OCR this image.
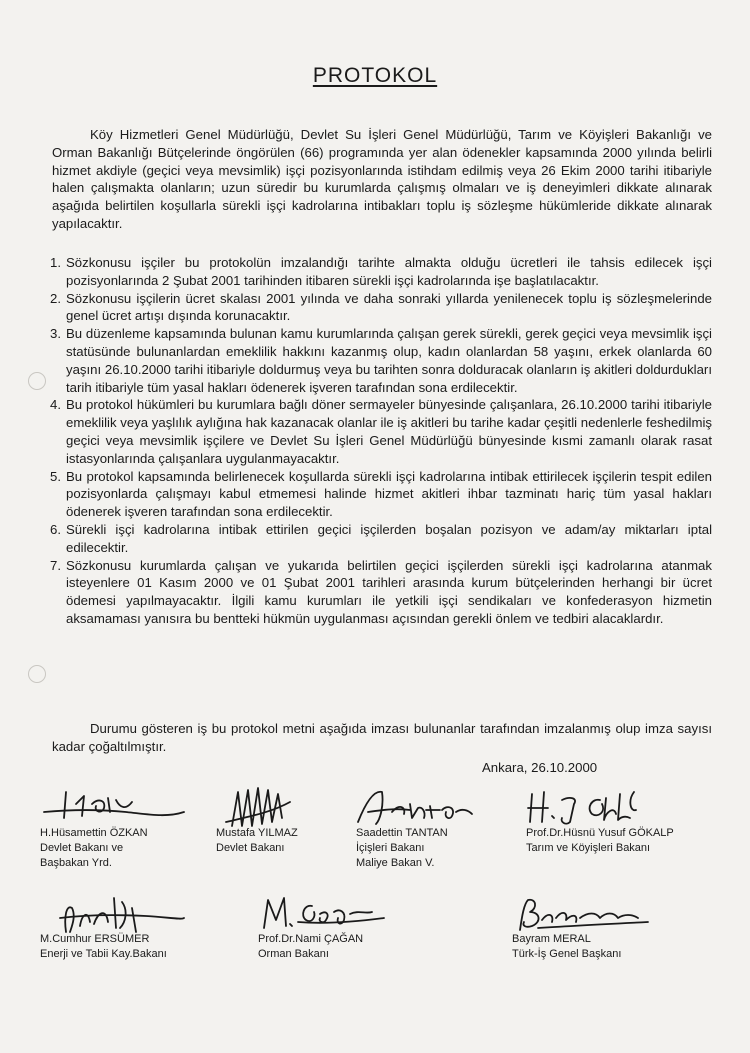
PROTOKOL

Köy Hizmetleri Genel Müdürlüğü, Devlet Su İşleri Genel Müdürlüğü, Tarım ve Köyişleri Bakanlığı ve Orman Bakanlığı Bütçelerinde öngörülen (66) programında yer alan ödenekler kapsamında 2000 yılında belirli hizmet akdiyle (geçici veya mevsimlik) işçi pozisyonlarında istihdam edilmiş veya 26 Ekim 2000 tarihi itibariyle halen çalışmakta olanların; uzun süredir bu kurumlarda çalışmış olmaları ve iş deneyimleri dikkate alınarak aşağıda belirtilen koşullarla sürekli işçi kadrolarına intibakları toplu iş sözleşme hükümleride dikkate alınarak yapılacaktır.

1. Sözkonusu işçiler bu protokolün imzalandığı tarihte almakta olduğu ücretleri ile tahsis edilecek işçi pozisyonlarında 2 Şubat 2001 tarihinden itibaren sürekli işçi kadrolarında işe başlatılacaktır.
2. Sözkonusu işçilerin ücret skalası 2001 yılında ve daha sonraki yıllarda yenilenecek toplu iş sözleşmelerinde genel ücret artışı dışında korunacaktır.
3. Bu düzenleme kapsamında bulunan kamu kurumlarında çalışan gerek sürekli, gerek geçici veya mevsimlik işçi statüsünde bulunanlardan emeklilik hakkını kazanmış olup, kadın olanlardan 58 yaşını, erkek olanlarda 60 yaşını 26.10.2000 tarihi itibariyle doldurmuş veya bu tarihten sonra dolduracak olanların iş akitleri doldurdukları tarih itibariyle tüm yasal hakları ödenerek işveren tarafından sona erdilecektir.
4. Bu protokol hükümleri bu kurumlara bağlı döner sermayeler bünyesinde çalışanlara, 26.10.2000 tarihi itibariyle emeklilik veya yaşlılık aylığına hak kazanacak olanlar ile iş akitleri bu tarihe kadar çeşitli nedenlerle feshedilmiş geçici veya mevsimlik işçilere ve Devlet Su İşleri Genel Müdürlüğü bünyesinde kısmi zamanlı olarak rasat istasyonlarında çalışanlara uygulanmayacaktır.
5. Bu protokol kapsamında belirlenecek koşullarda sürekli işçi kadrolarına intibak ettirilecek işçilerin tespit edilen pozisyonlarda çalışmayı kabul etmemesi halinde hizmet akitleri ihbar tazminatı hariç tüm yasal hakları ödenerek işveren tarafından sona erdilecektir.
6. Sürekli işçi kadrolarına intibak ettirilen geçici işçilerden boşalan pozisyon ve adam/ay miktarları iptal edilecektir.
7. Sözkonusu kurumlarda çalışan ve yukarıda belirtilen geçici işçilerden sürekli işçi kadrolarına atanmak isteyenlere 01 Kasım 2000 ve 01 Şubat 2001 tarihleri arasında kurum bütçelerinden herhangi bir ücret ödemesi yapılmayacaktır. İlgili kamu kurumları ile yetkili işçi sendikaları ve konfederasyon hizmetin aksamaması yanısıra bu bentteki hükmün uygulanması açısından gerekli önlem ve tedbiri alacaklardır.

Durumu gösteren iş bu protokol metni aşağıda imzası bulunanlar tarafından imzalanmış olup imza sayısı kadar çoğaltılmıştır.

Ankara, 26.10.2000

H.Hüsamettin ÖZKAN
Devlet Bakanı ve
Başbakan Yrd.
Mustafa YILMAZ
Devlet Bakanı
Saadettin TANTAN
İçişleri Bakanı
Maliye Bakan V.
Prof.Dr.Hüsnü Yusuf GÖKALP
Tarım ve Köyişleri Bakanı
M.Cumhur ERSÜMER
Enerji ve Tabii Kay.Bakanı
Prof.Dr.Nami ÇAĞAN
Orman Bakanı
Bayram MERAL
Türk-İş Genel Başkanı
